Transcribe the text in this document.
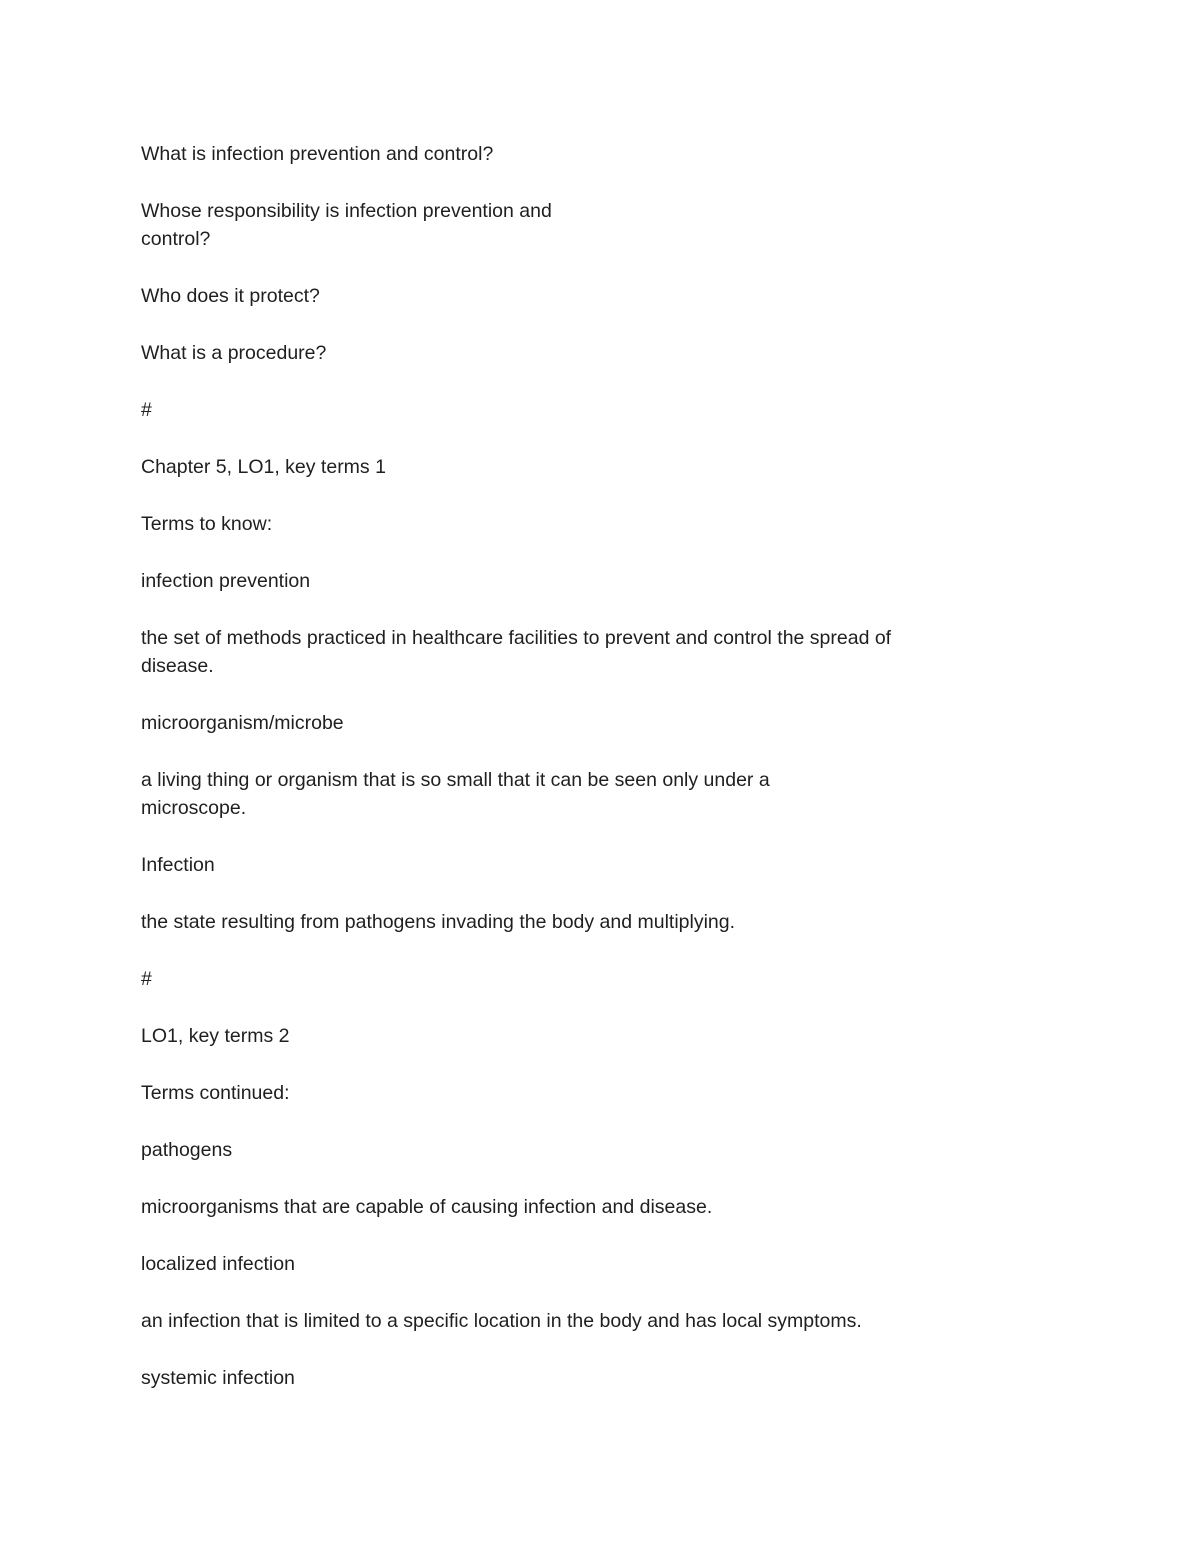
What is infection prevention and control?

Whose responsibility is infection prevention and control?

Who does it protect?

What is a procedure?

#

Chapter 5, LO1, key terms 1

Terms to know:

infection prevention

the set of methods practiced in healthcare facilities to prevent and control the spread of disease.

microorganism/microbe

a living thing or organism that is so small that it can be seen only under a microscope.

Infection

the state resulting from pathogens invading the body and multiplying.

#

LO1, key terms 2

Terms continued:

pathogens

microorganisms that are capable of causing infection and disease.

localized infection

an infection that is limited to a specific location in the body and has local symptoms.

systemic infection
